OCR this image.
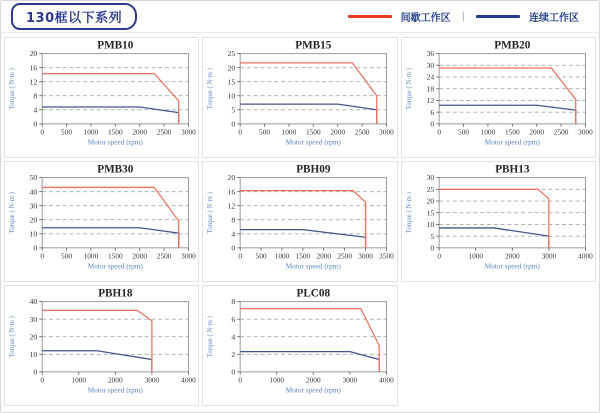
130框以下系列	间歇工作区 |	连续工作区
PMB10
0
4
8
12
16
20
0 500 1000 1500 2000 2500 3000
Motor speed (rpm)
Torque ( N·m )
PMB15
0
5
10
15
20
25
0 500 1000 1500 2000 2500 3000
Motor speed (rpm)
Torque ( N·m )
PMB20
0
6
12
18
24
30
36
0 500 1000 1500 2000 2500 3000
Motor speed (rpm)
Torque ( N·m )
PMB30
0
10
20
30
40
50
0 500 1000 1500 2000 2500 3000
Motor speed (rpm)
Torque ( N·m )
PBH09
0
4
8
12
16
20
0 500 1000 1500 2000 2500 3000 3500
Motor speed (rpm)
Torque ( N·m )
PBH13
0
5
10
15
20
25
30
0	1000	2000	3000	4000
Motor speed (rpm)
Torque ( N·m )
PBH18
0
10
20
30
40
0	1000	2000	3000	4000
Motor speed (rpm)
Torque ( N·m )
PLC08
0
2
4
6
8
0	1000	2000	3000	4000
Motor speed (rpm)
Torque ( N·m )
